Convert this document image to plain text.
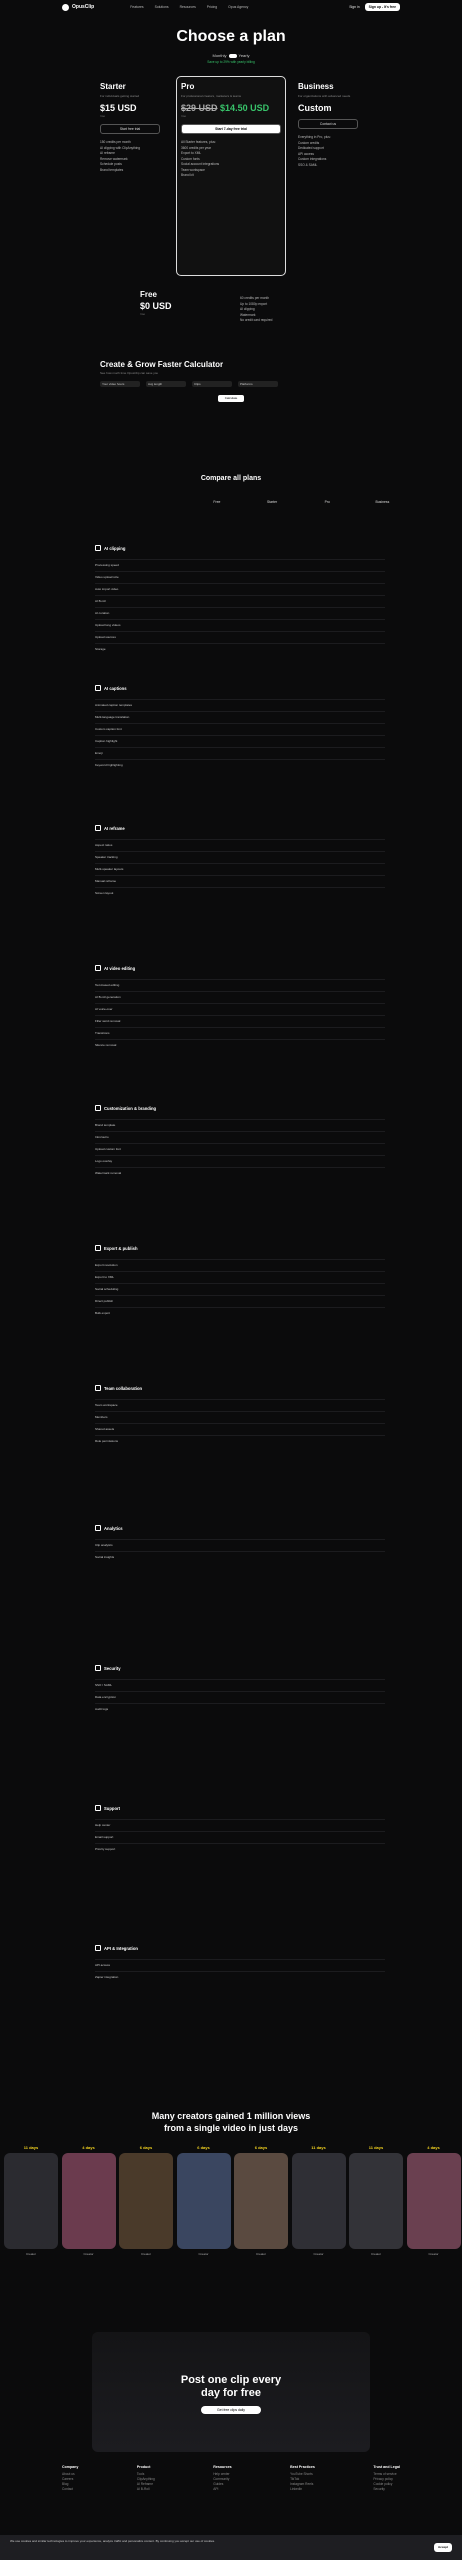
OpusClip	Features	Solutions	Resources	Pricing	Opus Agency	Sign in	Sign up - It's free
Choose a plan
Monthly	Yearly
Save up to 29% with yearly billing
Starter
For individuals getting started
$15 USD
/mo
Start free trial
150 credits per month
AI clipping with ClipAnything
AI reframe
Remove watermark
Schedule posts
Brand templates
Pro
For professional creators, marketers & teams
$29 USD $14.50 USD
/mo
Start 7-day free trial
All Starter features, plus:
3600 credits per year
Export to XML
Custom fonts
Social account integrations
Team workspace
Brand kit
Business
For organizations with advanced needs
Custom
Contact us
Everything in Pro, plus:
Custom credits
Dedicated support
API access
Custom integrations
SSO & SAML
Free
$0 USD
/mo
60 credits per month
Up to 1080p export
AI clipping
Watermark
No credit card required
Create & Grow Faster Calculator
See how much time OpusClip can save you
Your video hours	Avg length	Clips	Platforms
Calculate
Compare all plans
Free	Starter	Pro	Business
AI clipping
Processing speed
Video upload size
Auto import video
AI B-roll
AI curation
Upload long videos
Upload sources
Storage
AI captions
Animated caption templates
Multi-language translation
Custom caption font
Caption highlight
Emoji
Keyword highlighting
AI reframe
Aspect ratios
Speaker tracking
Multi-speaker layouts
Manual reframe
Screen layout
AI video editing
Text-based editing
AI B-roll generation
AI voice-over
Filler word removal
Transitions
Silence removal
Customization & branding
Brand template
Intro/outro
Upload custom font
Logo overlay
Watermark removal
Export & publish
Export resolution
Export to XML
Social scheduling
Direct publish
Bulk export
Team collaboration
Team workspace
Members
Shared assets
Role permissions
Analytics
Clip analytics
Social insights
Security
SSO / SAML
Data encryption
Audit logs
Support
Help center
Email support
Priority support
API & Integration
API access
Zapier integration
Many creators gained 1 million views
from a single video in just days
11 days
Creator
4 days
Creator
6 days
Creator
6 days
Creator
6 days
Creator
11 days
Creator
11 days
Creator
4 days
Creator
Post one clip every
day for free
Get free clips daily
Company
About us
Careers
Blog
Contact
Product
Tools
ClipAnything
AI Reframe
AI B-Roll
Resources
Help center
Community
Guides
API
Best Practices
YouTube Shorts
TikTok
Instagram Reels
LinkedIn
Trust and Legal
Terms of service
Privacy policy
Cookie policy
Security
We use cookies and similar technologies to improve your experience, analyze traffic and personalize content. By continuing you accept our use of cookies.
Accept
